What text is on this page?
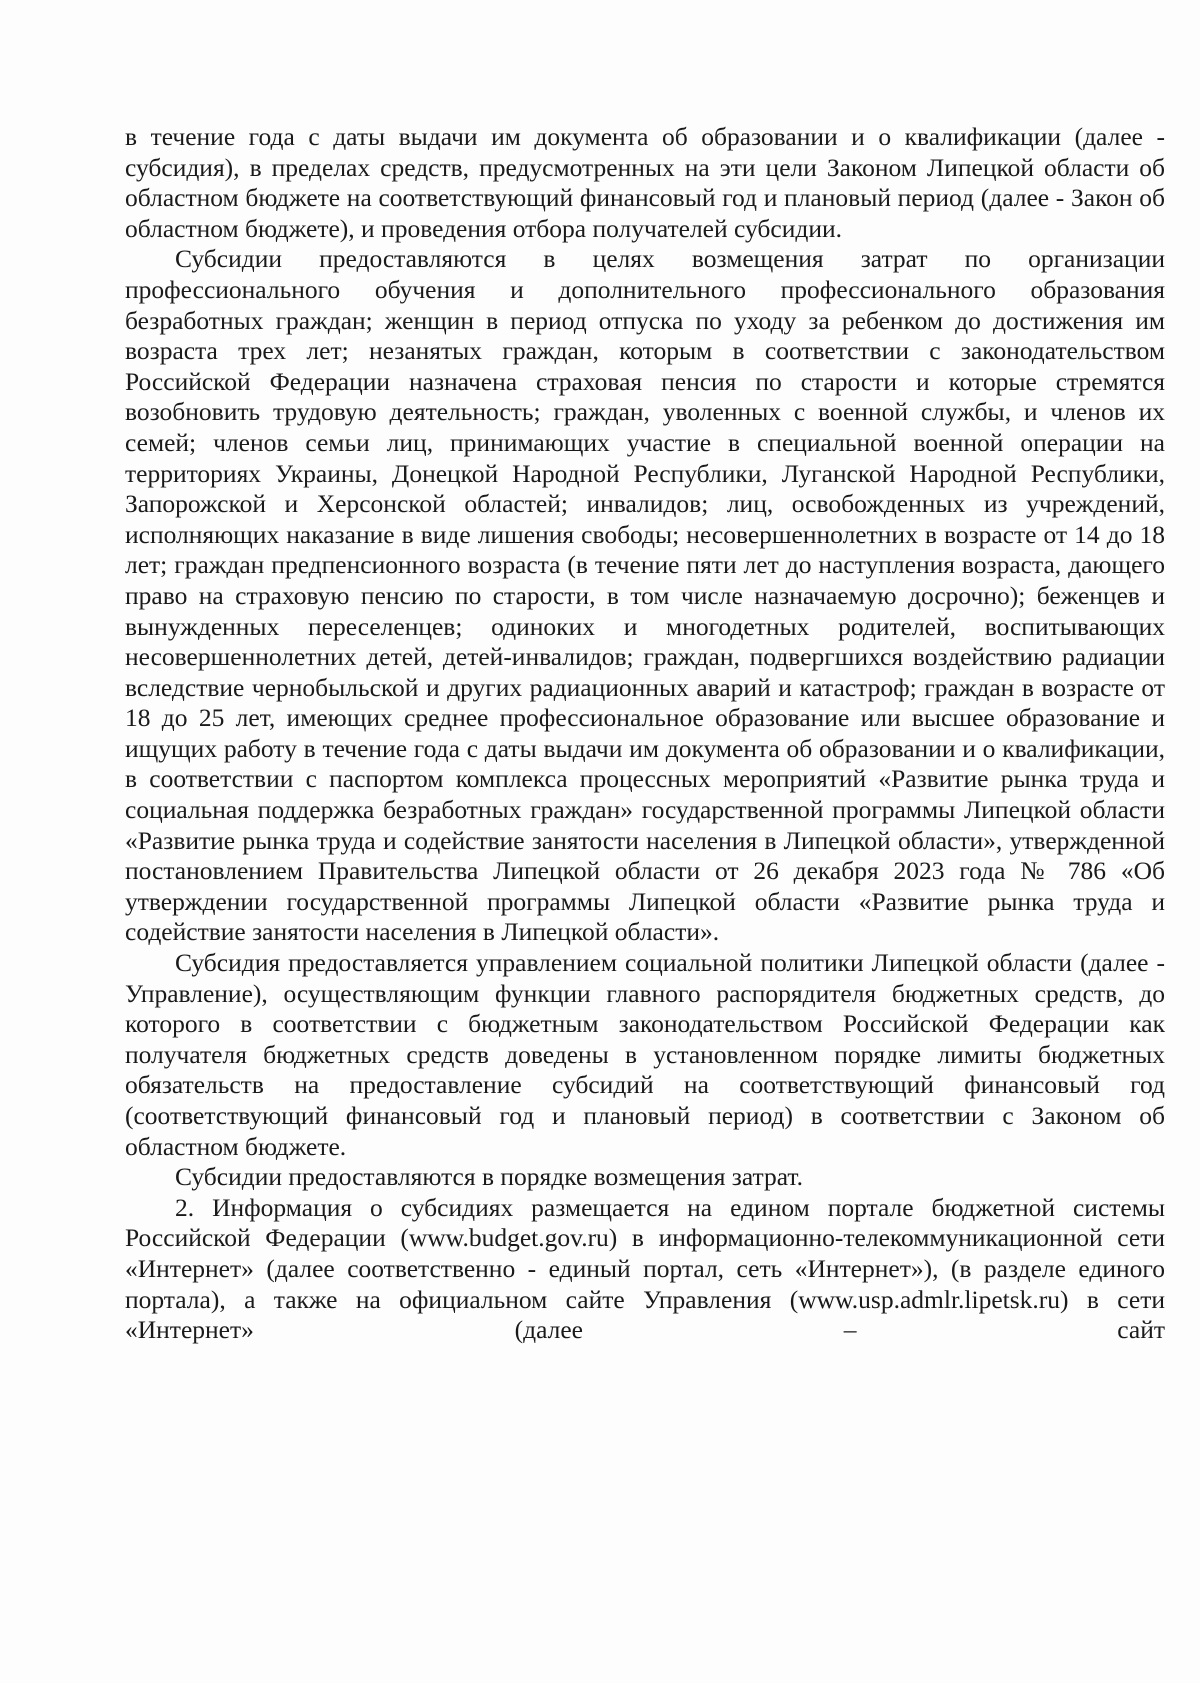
в течение года с даты выдачи им документа об образовании и о квалификации (далее - субсидия), в пределах средств, предусмотренных на эти цели Законом Липецкой области об областном бюджете на соответствующий финансовый год и плановый период (далее - Закон об областном бюджете), и проведения отбора получателей субсидии.

Субсидии предоставляются в целях возмещения затрат по организации профессионального обучения и дополнительного профессионального образования безработных граждан; женщин в период отпуска по уходу за ребенком до достижения им возраста трех лет; незанятых граждан, которым в соответствии с законодательством Российской Федерации назначена страховая пенсия по старости и которые стремятся возобновить трудовую деятельность; граждан, уволенных с военной службы, и членов их семей; членов семьи лиц, принимающих участие в специальной военной операции на территориях Украины, Донецкой Народной Республики, Луганской Народной Республики, Запорожской и Херсонской областей; инвалидов; лиц, освобожденных из учреждений, исполняющих наказание в виде лишения свободы; несовершеннолетних в возрасте от 14 до 18 лет; граждан предпенсионного возраста (в течение пяти лет до наступления возраста, дающего право на страховую пенсию по старости, в том числе назначаемую досрочно); беженцев и вынужденных переселенцев; одиноких и многодетных родителей, воспитывающих несовершеннолетних детей, детей-инвалидов; граждан, подвергшихся воздействию радиации вследствие чернобыльской и других радиационных аварий и катастроф; граждан в возрасте от 18 до 25 лет, имеющих среднее профессиональное образование или высшее образование и ищущих работу в течение года с даты выдачи им документа об образовании и о квалификации, в соответствии с паспортом комплекса процессных мероприятий «Развитие рынка труда и социальная поддержка безработных граждан» государственной программы Липецкой области «Развитие рынка труда и содействие занятости населения в Липецкой области», утвержденной постановлением Правительства Липецкой области от 26 декабря 2023 года № 786 «Об утверждении государственной программы Липецкой области «Развитие рынка труда и содействие занятости населения в Липецкой области».

Субсидия предоставляется управлением социальной политики Липецкой области (далее - Управление), осуществляющим функции главного распорядителя бюджетных средств, до которого в соответствии с бюджетным законодательством Российской Федерации как получателя бюджетных средств доведены в установленном порядке лимиты бюджетных обязательств на предоставление субсидий на соответствующий финансовый год (соответствующий финансовый год и плановый период) в соответствии с Законом об областном бюджете.

Субсидии предоставляются в порядке возмещения затрат.

2. Информация о субсидиях размещается на едином портале бюджетной системы Российской Федерации (www.budget.gov.ru) в информационно-телекоммуникационной сети «Интернет» (далее соответственно - единый портал, сеть «Интернет»), (в разделе единого портала), а также на официальном сайте Управления (www.usp.admlr.lipetsk.ru) в сети «Интернет» (далее – сайт
